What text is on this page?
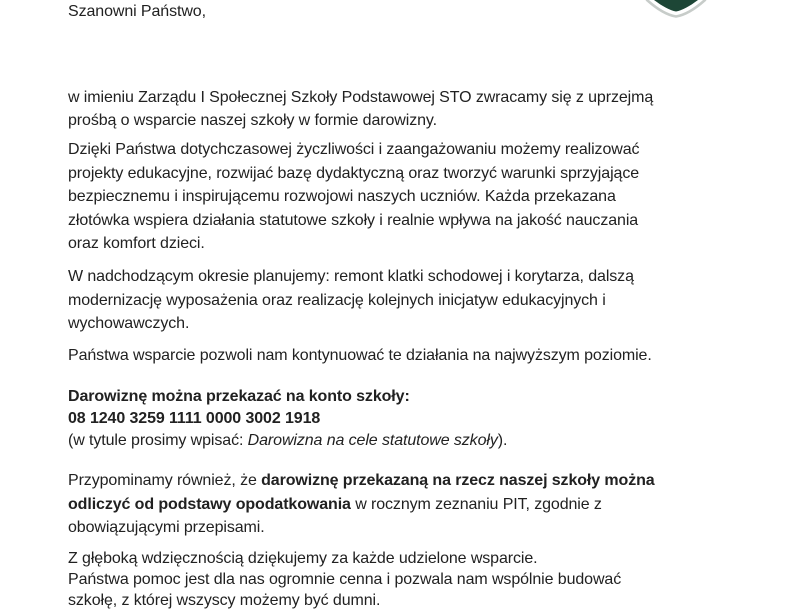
Szanowni Państwo,
w imieniu Zarządu I Społecznej Szkoły Podstawowej STO zwracamy się z uprzejmą
prośbą o wsparcie naszej szkoły w formie darowizny.
Dzięki Państwa dotychczasowej życzliwości i zaangażowaniu możemy realizować
projekty edukacyjne, rozwijać bazę dydaktyczną oraz tworzyć warunki sprzyjające
bezpiecznemu i inspirującemu rozwojowi naszych uczniów. Każda przekazana
złotówka wspiera działania statutowe szkoły i realnie wpływa na jakość nauczania
oraz komfort dzieci.
W nadchodzącym okresie planujemy: remont klatki schodowej i korytarza, dalszą
modernizację wyposażenia oraz realizację kolejnych inicjatyw edukacyjnych i
wychowawczych.
Państwa wsparcie pozwoli nam kontynuować te działania na najwyższym poziomie.
Darowiznę można przekazać na konto szkoły:
08 1240 3259 1111 0000 3002 1918
(w tytule prosimy wpisać: Darowizna na cele statutowe szkoły).
Przypominamy również, że darowiznę przekazaną na rzecz naszej szkoły można
odliczyć od podstawy opodatkowania w rocznym zeznaniu PIT, zgodnie z
obowiązującymi przepisami.
Z głęboką wdzięcznością dziękujemy za każde udzielone wsparcie.
Państwa pomoc jest dla nas ogromnie cenna i pozwala nam wspólnie budować
szkołę, z której wszyscy możemy być dumni.
